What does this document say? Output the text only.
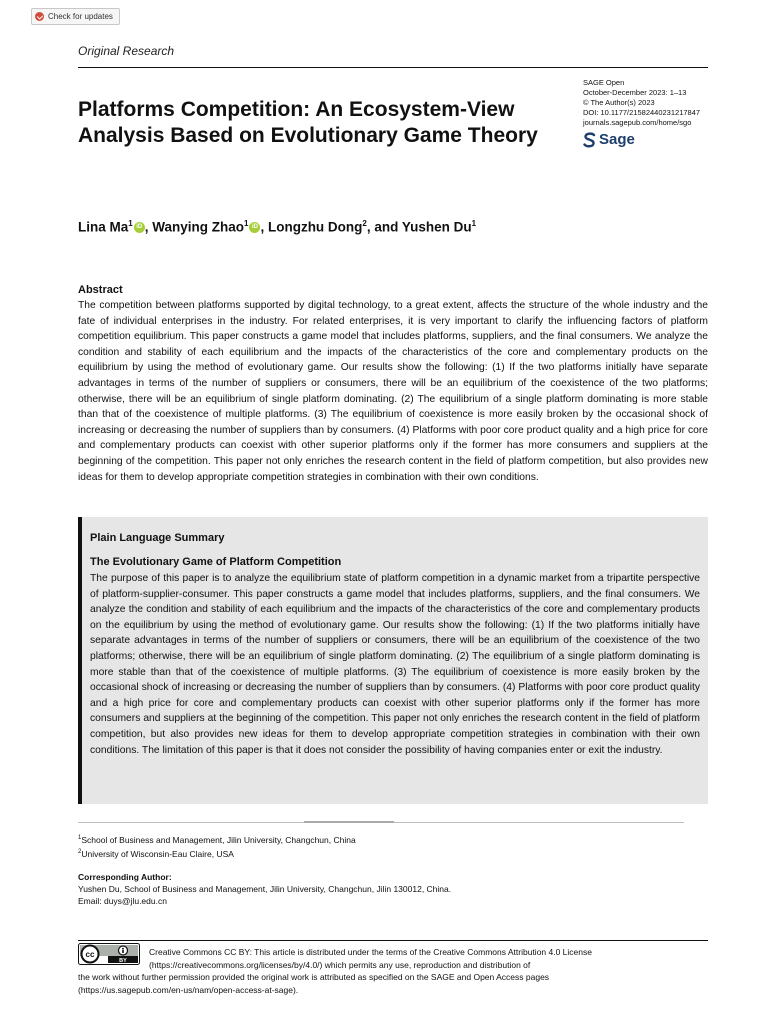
Check for updates
Original Research
SAGE Open
October-December 2023: 1–13
© The Author(s) 2023
DOI: 10.1177/21582440231217847
journals.sagepub.com/home/sgo
Sage
Platforms Competition: An Ecosystem-View Analysis Based on Evolutionary Game Theory
Lina Ma$^1$ iD , Wanying Zhao$^1$ iD , Longzhu Dong$^2$, and Yushen Du$^1$
Abstract
The competition between platforms supported by digital technology, to a great extent, affects the structure of the whole industry and the fate of individual enterprises in the industry. For related enterprises, it is very important to clarify the influencing factors of platform competition equilibrium. This paper constructs a game model that includes platforms, suppliers, and the final consumers. We analyze the condition and stability of each equilibrium and the impacts of the characteristics of the core and complementary products on the equilibrium by using the method of evolutionary game. Our results show the following: (1) If the two platforms initially have separate advantages in terms of the number of suppliers or consumers, there will be an equilibrium of the coexistence of the two platforms; otherwise, there will be an equilibrium of single platform dominating. (2) The equilibrium of a single platform dominating is more stable than that of the coexistence of multiple platforms. (3) The equilibrium of coexistence is more easily broken by the occasional shock of increasing or decreasing the number of suppliers than by consumers. (4) Platforms with poor core product quality and a high price for core and complementary products can coexist with other superior platforms only if the former has more consumers and suppliers at the beginning of the competition. This paper not only enriches the research content in the field of platform competition, but also provides new ideas for them to develop appropriate competition strategies in combination with their own conditions.
Plain Language Summary
The Evolutionary Game of Platform Competition
The purpose of this paper is to analyze the equilibrium state of platform competition in a dynamic market from a tripartite perspective of platform-supplier-consumer. This paper constructs a game model that includes platforms, suppliers, and the final consumers. We analyze the condition and stability of each equilibrium and the impacts of the characteristics of the core and complementary products on the equilibrium by using the method of evolutionary game. Our results show the following: (1) If the two platforms initially have separate advantages in terms of the number of suppliers or consumers, there will be an equilibrium of the coexistence of the two platforms; otherwise, there will be an equilibrium of single platform dominating. (2) The equilibrium of a single platform dominating is more stable than that of the coexistence of multiple platforms. (3) The equilibrium of coexistence is more easily broken by the occasional shock of increasing or decreasing the number of suppliers than by consumers. (4) Platforms with poor core product quality and a high price for core and complementary products can coexist with other superior platforms only if the former has more consumers and suppliers at the beginning of the competition. This paper not only enriches the research content in the field of platform competition, but also provides new ideas for them to develop appropriate competition strategies in combination with their own conditions. The limitation of this paper is that it does not consider the possibility of having companies enter or exit the industry.
$^1$School of Business and Management, Jilin University, Changchun, China
$^2$University of Wisconsin-Eau Claire, USA
Corresponding Author:
Yushen Du, School of Business and Management, Jilin University, Changchun, Jilin 130012, China.
Email: duys@jlu.edu.cn
cc
BY
Creative Commons CC BY: This article is distributed under the terms of the Creative Commons Attribution 4.0 License
(https://creativecommons.org/licenses/by/4.0/) which permits any use, reproduction and distribution of
the work without further permission provided the original work is attributed as specified on the SAGE and Open Access pages
(https://us.sagepub.com/en-us/nam/open-access-at-sage).
